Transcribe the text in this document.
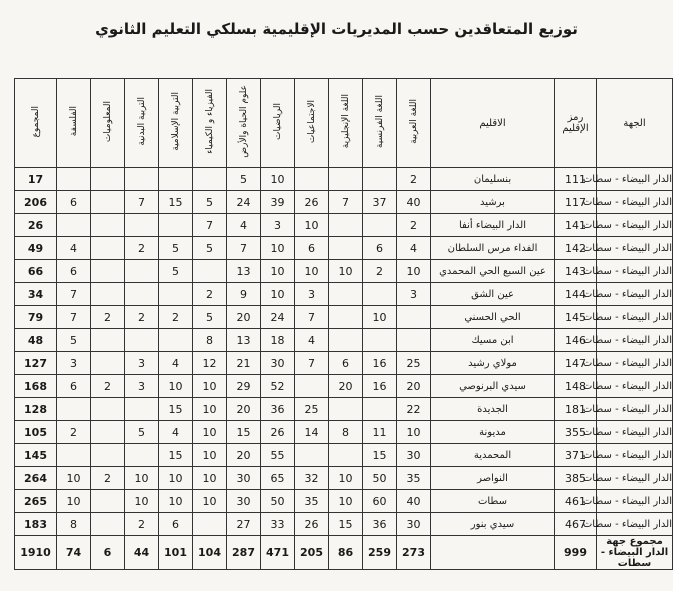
توزيع المتعاقدين حسب المديريات الإقليمية بسلكي التعليم الثانوي
المجموع	الفلسفة	المعلوميات	التربية البدنية	التربية الإسلامية	الفيزياء و الكيمياء	علوم الحياة والأرض	الرياضيات	الاجتماعيات	اللغة الإنجليزية	اللغة الفرنسية	اللغة العربية	الاقليم	رمز الإقليم	الجهة
17						5	10				2	بنسليمان	111	الدار البيضاء - سطات
206	6		7	15	5	24	39	26	7	37	40	برشيد	117	الدار البيضاء - سطات
26					7	4	3	10			2	الدار البيضاء أنفا	141	الدار البيضاء - سطات
49	4		2	5	5	7	10	6		6	4	الفداء مرس السلطان	142	الدار البيضاء - سطات
66	6			5		13	10	10	10	2	10	عين السبع الحي المحمدي	143	الدار البيضاء - سطات
34	7				2	9	10	3			3	عين الشق	144	الدار البيضاء - سطات
79	7	2	2	2	5	20	24	7		10		الحي الحسني	145	الدار البيضاء - سطات
48	5				8	13	18	4				ابن مسيك	146	الدار البيضاء - سطات
127	3		3	4	12	21	30	7	6	16	25	مولاي رشيد	147	الدار البيضاء - سطات
168	6	2	3	10	10	29	52		20	16	20	سيدي البرنوصي	148	الدار البيضاء - سطات
128				15	10	20	36	25			22	الجديدة	181	الدار البيضاء - سطات
105	2		5	4	10	15	26	14	8	11	10	مديونة	355	الدار البيضاء - سطات
145				15	10	20	55			15	30	المحمدية	371	الدار البيضاء - سطات
264	10	2	10	10	10	30	65	32	10	50	35	النواصر	385	الدار البيضاء - سطات
265	10		10	10	10	30	50	35	10	60	40	سطات	461	الدار البيضاء - سطات
183	8		2	6		27	33	26	15	36	30	سيدي بنور	467	الدار البيضاء - سطات
1910	74	6	44	101	104	287	471	205	86	259	273		999	مجموع جهة الدار البيضاء - سطات
